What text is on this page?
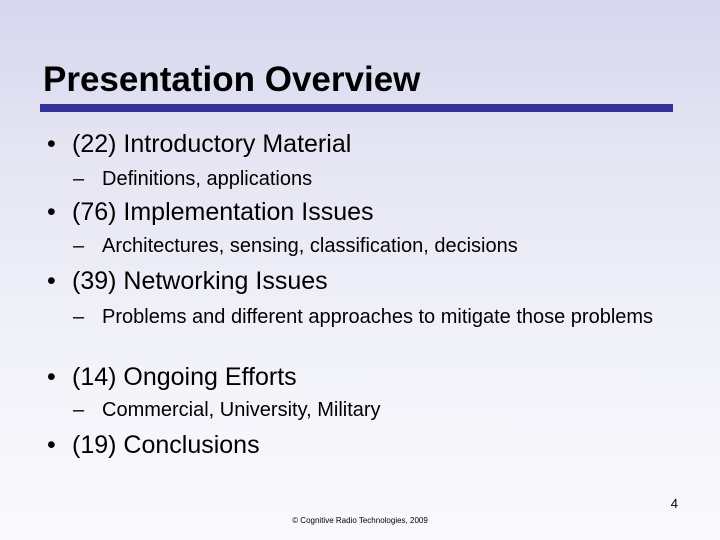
Presentation Overview
• (22) Introductory Material
– Definitions, applications
• (76) Implementation Issues
– Architectures, sensing, classification, decisions
• (39) Networking Issues
– Problems and different approaches to mitigate those problems
• (14) Ongoing Efforts
– Commercial, University, Military
• (19) Conclusions
4
© Cognitive Radio Technologies, 2009
